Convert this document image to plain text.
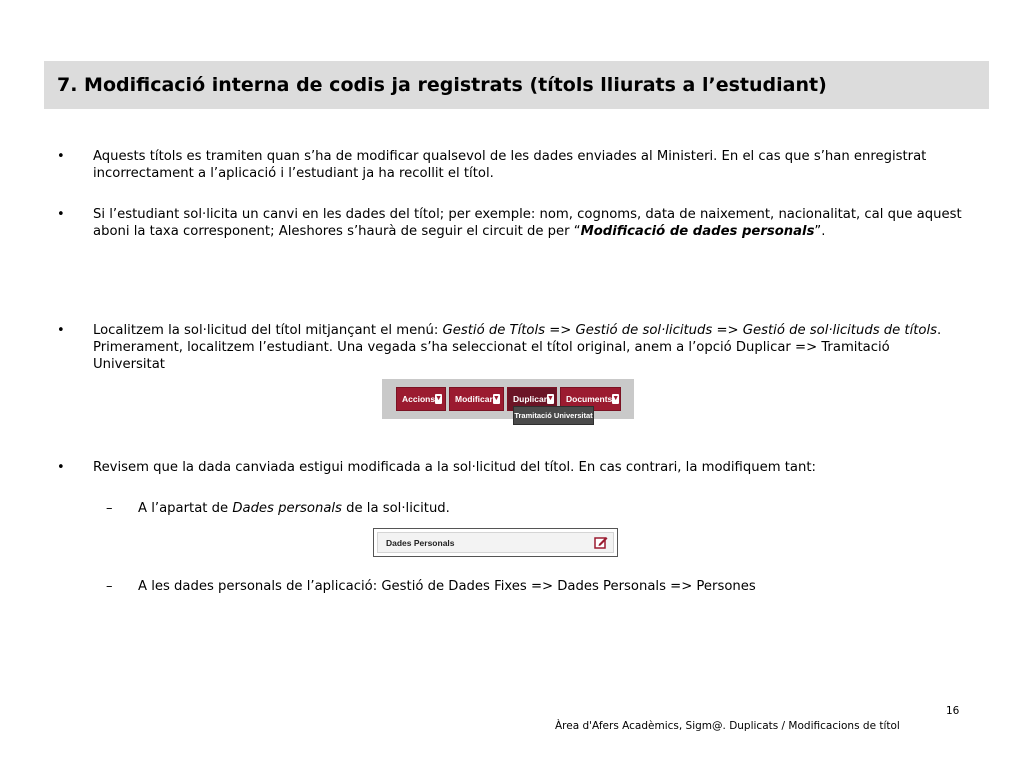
7. Modificació interna de codis ja registrats (títols lliurats a l’estudiant)
• Aquests títols es tramiten quan s’ha de modificar qualsevol de les dades enviades al Ministeri. En el cas que s’han enregistrat incorrectament a l’aplicació i l’estudiant ja ha recollit el títol.
• Si l’estudiant sol·licita un canvi en les dades del títol; per exemple: nom, cognoms, data de naixement, nacionalitat, cal que aquest aboni la taxa corresponent; Aleshores s’haurà de seguir el circuit de per “Modificació de dades personals”.
• Localitzem la sol·licitud del títol mitjançant el menú: Gestió de Títols => Gestió de sol·licituds => Gestió de sol·licituds de títols. Primerament, localitzem l’estudiant. Una vegada s’ha seleccionat el títol original, anem a l’opció Duplicar => Tramitació Universitat
Accions ▼ Modificar ▼ Duplicar ▼ Documents ▼
Tramitació Universitat
• Revisem que la dada canviada estigui modificada a la sol·licitud del títol. En cas contrari, la modifiquem tant:
– A l’apartat de Dades personals de la sol·licitud.
Dades Personals
– A les dades personals de l’aplicació: Gestió de Dades Fixes => Dades Personals => Persones
16
Àrea d'Afers Acadèmics, Sigm@. Duplicats / Modificacions de títol
